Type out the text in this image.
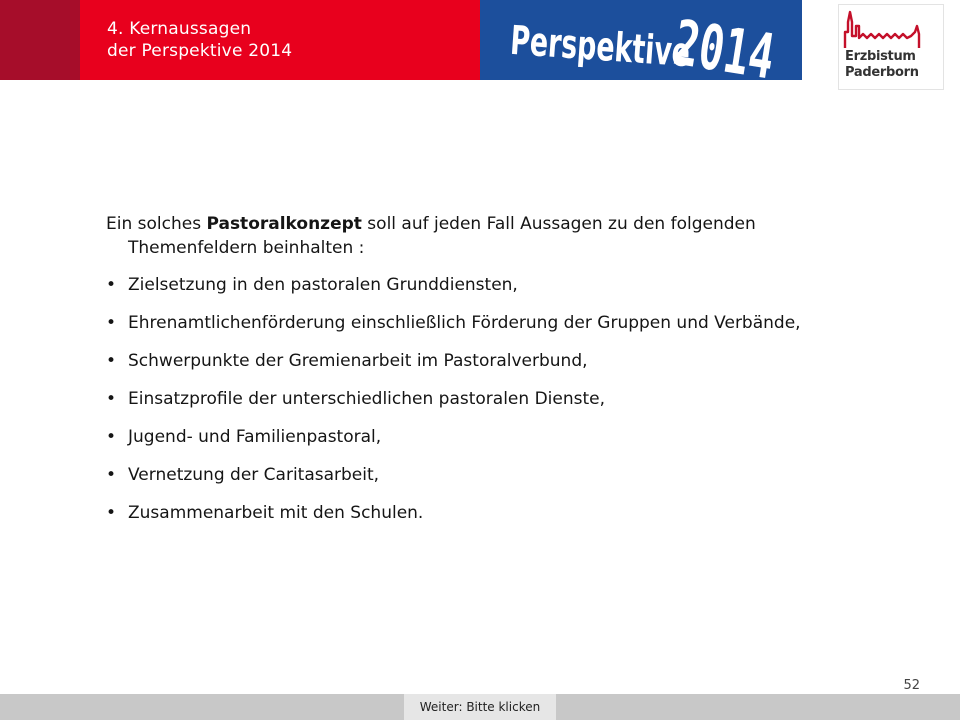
4. Kernaussagen
der Perspektive 2014	Perspektive
2014 Erzbistum
Paderborn

Ein solches Pastoralkonzept soll auf jeden Fall Aussagen zu den folgenden Themenfeldern beinhalten :

• Zielsetzung in den pastoralen Grunddiensten,
• Ehrenamtlichenförderung einschließlich Förderung der Gruppen und Verbände,
• Schwerpunkte der Gremienarbeit im Pastoralverbund,
• Einsatzprofile der unterschiedlichen pastoralen Dienste,
• Jugend- und Familienpastoral,
• Vernetzung der Caritasarbeit,
• Zusammenarbeit mit den Schulen.
52
Weiter: Bitte klicken
